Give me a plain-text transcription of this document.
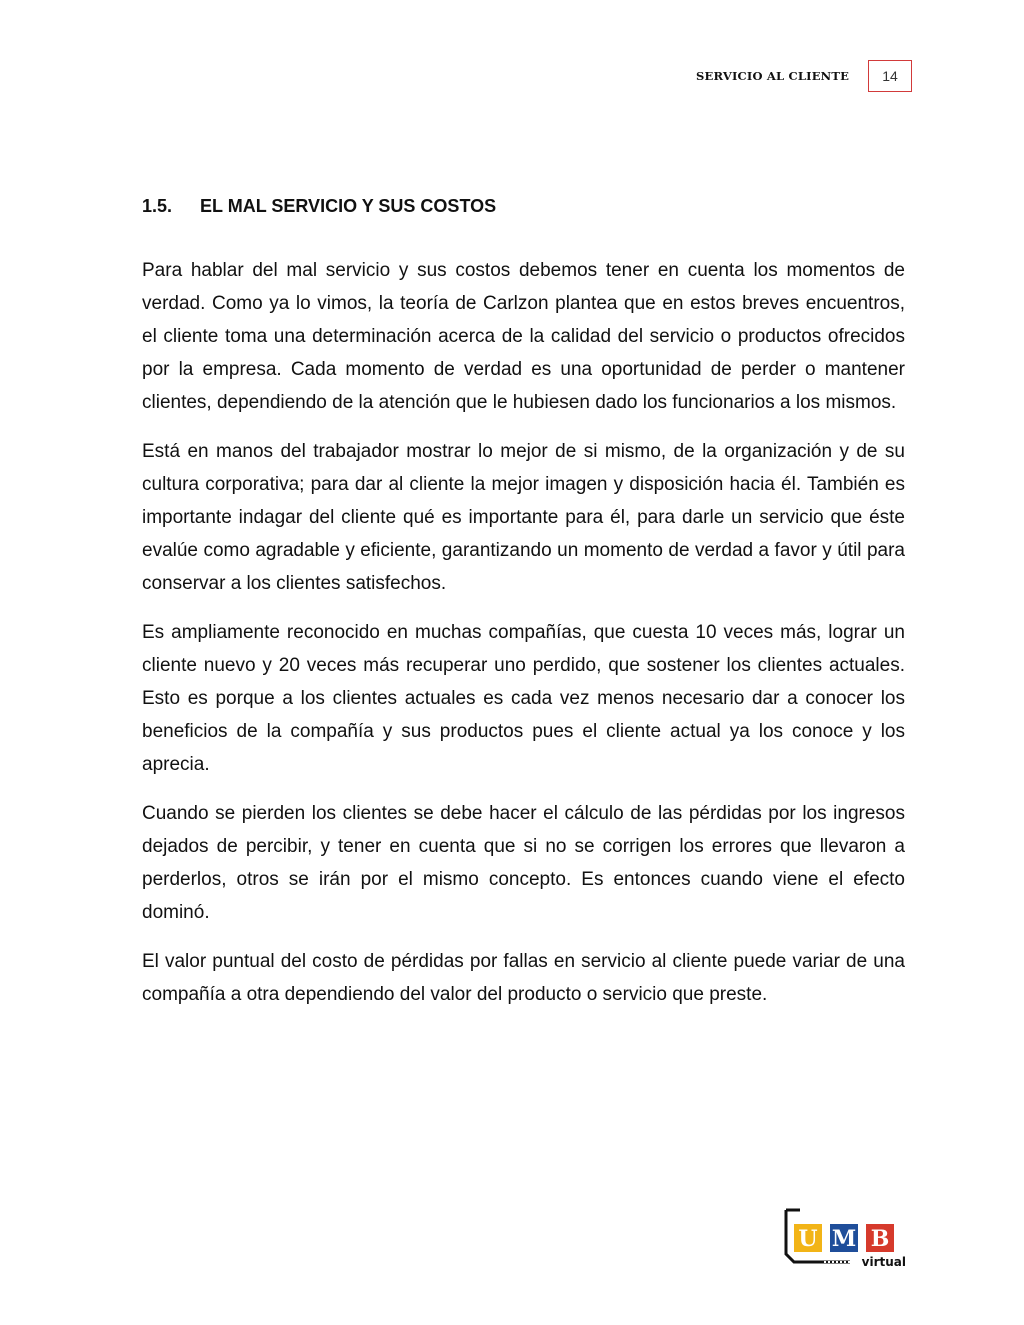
SERVICIO AL CLIENTE	14
1.5. EL MAL SERVICIO Y SUS COSTOS

Para hablar del mal servicio y sus costos debemos tener en cuenta los momentos de verdad. Como ya lo vimos, la teoría de Carlzon plantea que en estos breves encuentros, el cliente toma una determinación acerca de la calidad del servicio o productos ofrecidos por la empresa. Cada momento de verdad es una oportunidad de perder o mantener clientes, dependiendo de la atención que le hubiesen dado los funcionarios a los mismos.

Está en manos del trabajador mostrar lo mejor de si mismo, de la organización y de su cultura corporativa; para dar al cliente la mejor imagen y disposición hacia él. También es importante indagar del cliente qué es importante para él, para darle un servicio que éste evalúe como agradable y eficiente, garantizando un momento de verdad a favor y útil para conservar a los clientes satisfechos.

Es ampliamente reconocido en muchas compañías, que cuesta 10 veces más, lograr un cliente nuevo y 20 veces más recuperar uno perdido, que sostener los clientes actuales. Esto es porque a los clientes actuales es cada vez menos necesario dar a conocer los beneficios de la compañía y sus productos pues el cliente actual ya los conoce y los aprecia.

Cuando se pierden los clientes se debe hacer el cálculo de las pérdidas por los ingresos dejados de percibir, y tener en cuenta que si no se corrigen los errores que llevaron a perderlos, otros se irán por el mismo concepto. Es entonces cuando viene el efecto dominó.

El valor puntual del costo de pérdidas por fallas en servicio al cliente puede variar de una compañía a otra dependiendo del valor del producto o servicio que preste.

U M B
virtual
